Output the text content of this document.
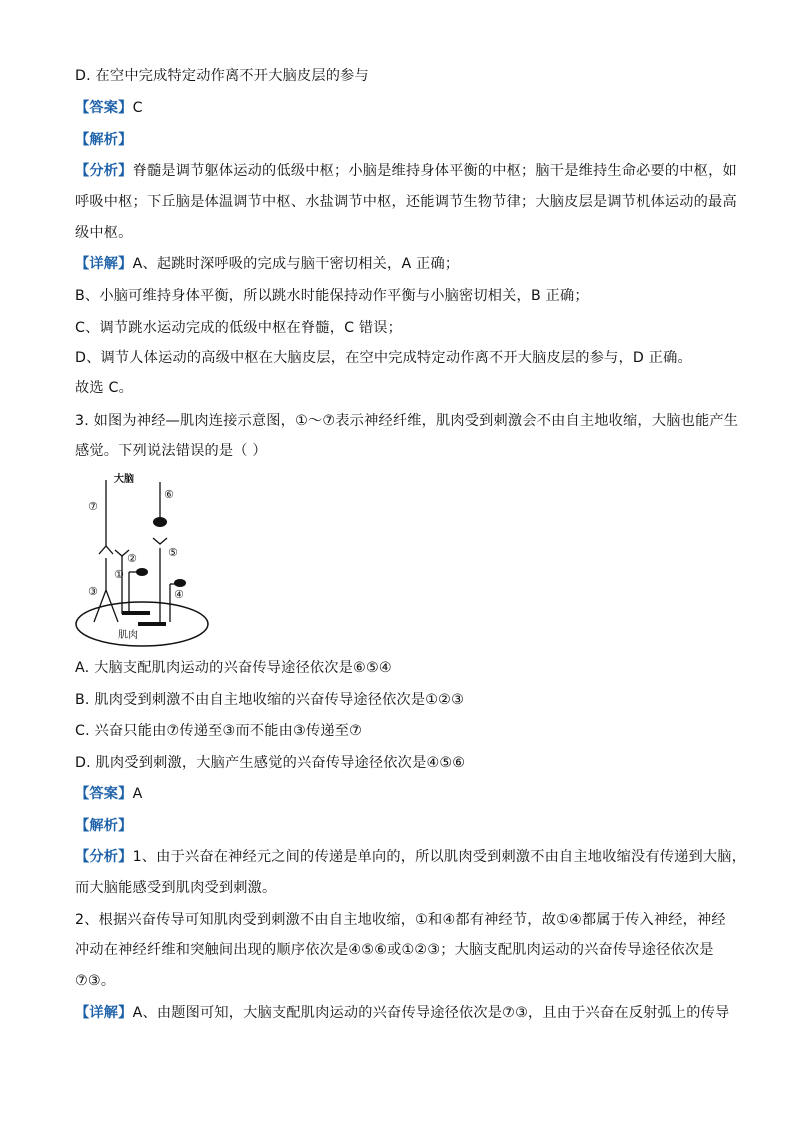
D. 在空中完成特定动作离不开大脑皮层的参与
【答案】C
【解析】
【分析】脊髓是调节躯体运动的低级中枢；小脑是维持身体平衡的中枢；脑干是维持生命必要的中枢，如
呼吸中枢；下丘脑是体温调节中枢、水盐调节中枢，还能调节生物节律；大脑皮层是调节机体运动的最高
级中枢。
【详解】A、起跳时深呼吸的完成与脑干密切相关，A 正确；
B、小脑可维持身体平衡，所以跳水时能保持动作平衡与小脑密切相关，B 正确；
C、调节跳水运动完成的低级中枢在脊髓，C 错误；
D、调节人体运动的高级中枢在大脑皮层，在空中完成特定动作离不开大脑皮层的参与，D 正确。
故选 C。
3. 如图为神经—肌肉连接示意图，①～⑦表示神经纤维，肌肉受到刺激会不由自主地收缩，大脑也能产生
感觉。下列说法错误的是（ ）
肌肉
大脑
⑦
③
②
①
⑥
⑤
④
A. 大脑支配肌肉运动的兴奋传导途径依次是⑥⑤④
B. 肌肉受到刺激不由自主地收缩的兴奋传导途径依次是①②③
C. 兴奋只能由⑦传递至③而不能由③传递至⑦
D. 肌肉受到刺激，大脑产生感觉的兴奋传导途径依次是④⑤⑥
【答案】A
【解析】
【分析】1、由于兴奋在神经元之间的传递是单向的，所以肌肉受到刺激不由自主地收缩没有传递到大脑，
而大脑能感受到肌肉受到刺激。
2、根据兴奋传导可知肌肉受到刺激不由自主地收缩，①和④都有神经节，故①④都属于传入神经，神经
冲动在神经纤维和突触间出现的顺序依次是④⑤⑥或①②③；大脑支配肌肉运动的兴奋传导途径依次是
⑦③。
【详解】A、由题图可知，大脑支配肌肉运动的兴奋传导途径依次是⑦③，且由于兴奋在反射弧上的传导
